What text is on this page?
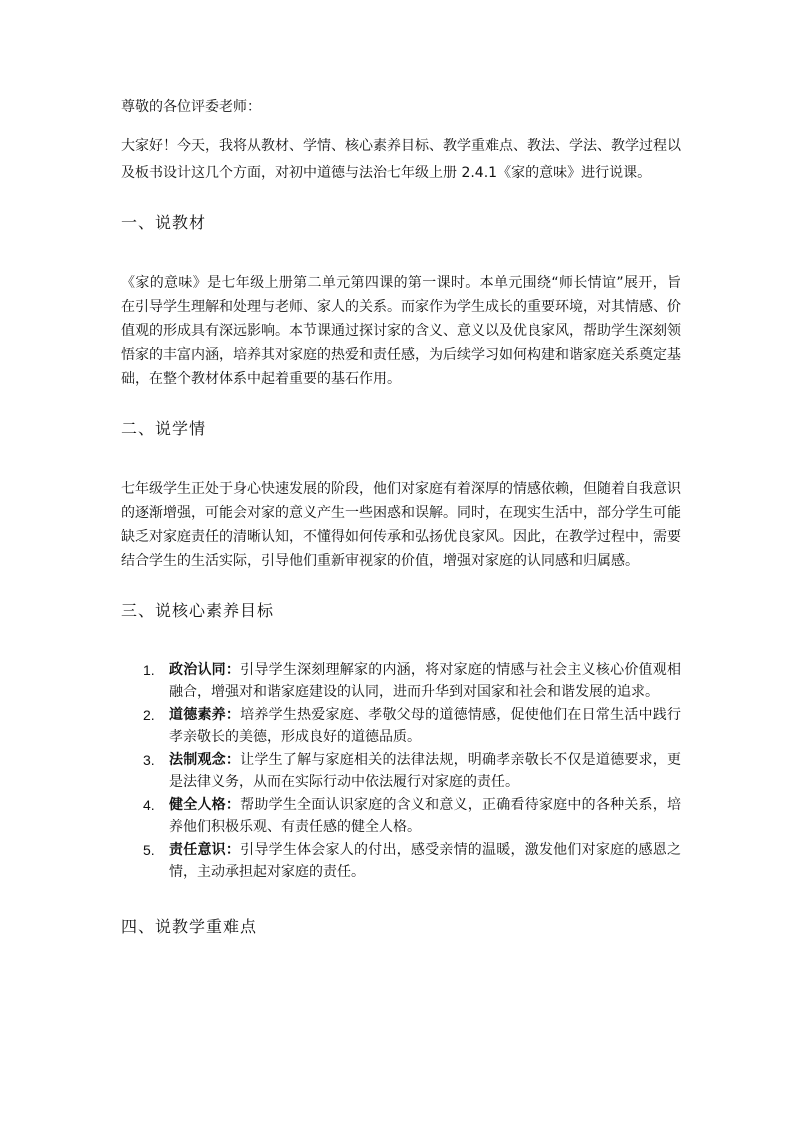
尊敬的各位评委老师：

大家好！今天，我将从教材、学情、核心素养目标、教学重难点、教法、学法、教学过程以及板书设计这几个方面，对初中道德与法治七年级上册 2.4.1《家的意味》进行说课。

一、说教材

《家的意味》是七年级上册第二单元第四课的第一课时。本单元围绕“师长情谊”展开，旨在引导学生理解和处理与老师、家人的关系。而家作为学生成长的重要环境，对其情感、价值观的形成具有深远影响。本节课通过探讨家的含义、意义以及优良家风，帮助学生深刻领悟家的丰富内涵，培养其对家庭的热爱和责任感，为后续学习如何构建和谐家庭关系奠定基础，在整个教材体系中起着重要的基石作用。

二、说学情

七年级学生正处于身心快速发展的阶段，他们对家庭有着深厚的情感依赖，但随着自我意识的逐渐增强，可能会对家的意义产生一些困惑和误解。同时，在现实生活中，部分学生可能缺乏对家庭责任的清晰认知，不懂得如何传承和弘扬优良家风。因此，在教学过程中，需要结合学生的生活实际，引导他们重新审视家的价值，增强对家庭的认同感和归属感。

三、说核心素养目标
1. 政治认同：引导学生深刻理解家的内涵，将对家庭的情感与社会主义核心价值观相融合，增强对和谐家庭建设的认同，进而升华到对国家和社会和谐发展的追求。
2. 道德素养：培养学生热爱家庭、孝敬父母的道德情感，促使他们在日常生活中践行孝亲敬长的美德，形成良好的道德品质。
3. 法制观念：让学生了解与家庭相关的法律法规，明确孝亲敬长不仅是道德要求，更是法律义务，从而在实际行动中依法履行对家庭的责任。
4. 健全人格：帮助学生全面认识家庭的含义和意义，正确看待家庭中的各种关系，培养他们积极乐观、有责任感的健全人格。
5. 责任意识：引导学生体会家人的付出，感受亲情的温暖，激发他们对家庭的感恩之情，主动承担起对家庭的责任。
四、说教学重难点
